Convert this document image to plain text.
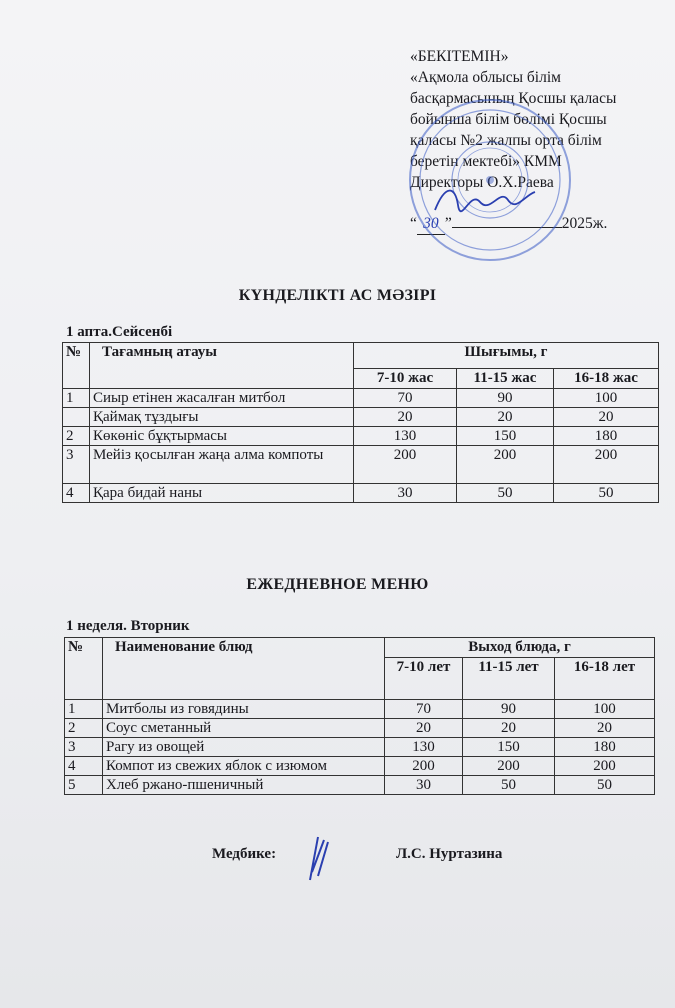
«БЕКІТЕМІН»
«Ақмола облысы білім
басқармасының Қосшы қаласы
бойынша білім бөлімі Қосшы
қаласы №2 жалпы орта білім
беретін мектебі» КММ
Директоры О.Х.Раева
“ 30 ”	2025ж.
КҮНДЕЛІКТІ АС МӘЗІРІ
1 апта.Сейсенбі
№	Тағамның атауы	Шығымы, г		
		7-10 жас	11-15 жас	16-18 жас
1	Сиыр етінен жасалған митбол	70	90	100
	Қаймақ тұздығы	20	20	20
2	Көкөніс бұқтырмасы	130	150	180
3	Мейіз қосылған жаңа алма компоты	200	200	200
4	Қара бидай наны	30	50	50
ЕЖЕДНЕВНОЕ МЕНЮ
1 неделя. Вторник
№	Наименование блюд	Выход блюда, г		
		7-10 лет	11-15 лет	16-18 лет
1	Митболы из говядины	70	90	100
2	Соус сметанный	20	20	20
3	Рагу из овощей	130	150	180
4	Компот из свежих яблок с изюмом	200	200	200
5	Хлеб ржано-пшеничный	30	50	50
Медбике:	Л.С. Нуртазина
